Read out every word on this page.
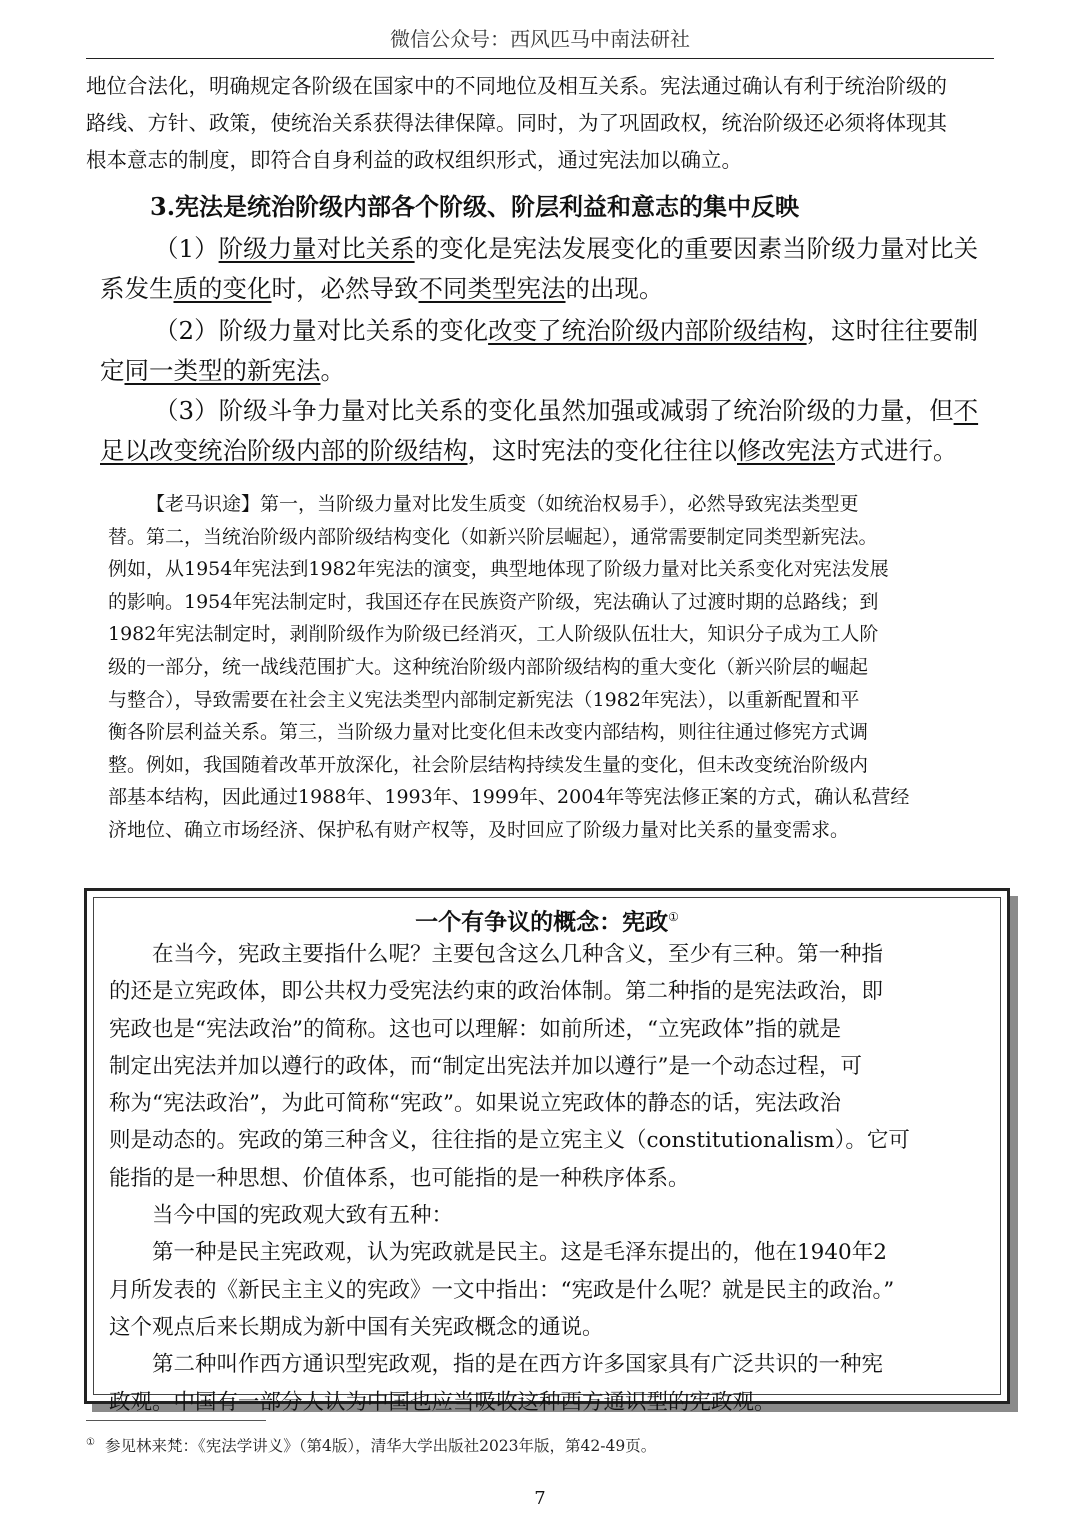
微信公众号：西风匹马中南法研社
地位合法化，明确规定各阶级在国家中的不同地位及相互关系。宪法通过确认有利于统治阶级的
路线、方针、政策，使统治关系获得法律保障。同时，为了巩固政权，统治阶级还必须将体现其
根本意志的制度，即符合自身利益的政权组织形式，通过宪法加以确立。
3.宪法是统治阶级内部各个阶级、阶层利益和意志的集中反映
（1）阶级力量对比关系的变化是宪法发展变化的重要因素当阶级力量对比关
系发生质的变化时，必然导致不同类型宪法的出现。
（2）阶级力量对比关系的变化改变了统治阶级内部阶级结构，这时往往要制
定同一类型的新宪法。
（3）阶级斗争力量对比关系的变化虽然加强或减弱了统治阶级的力量，但不
足以改变统治阶级内部的阶级结构，这时宪法的变化往往以修改宪法方式进行。
【老马识途】第一，当阶级力量对比发生质变（如统治权易手），必然导致宪法类型更
替。第二，当统治阶级内部阶级结构变化（如新兴阶层崛起），通常需要制定同类型新宪法。
例如，从1954年宪法到1982年宪法的演变，典型地体现了阶级力量对比关系变化对宪法发展
的影响。1954年宪法制定时，我国还存在民族资产阶级，宪法确认了过渡时期的总路线；到
1982年宪法制定时，剥削阶级作为阶级已经消灭，工人阶级队伍壮大，知识分子成为工人阶
级的一部分，统一战线范围扩大。这种统治阶级内部阶级结构的重大变化（新兴阶层的崛起
与整合），导致需要在社会主义宪法类型内部制定新宪法（1982年宪法），以重新配置和平
衡各阶层利益关系。第三，当阶级力量对比变化但未改变内部结构，则往往通过修宪方式调
整。例如，我国随着改革开放深化，社会阶层结构持续发生量的变化，但未改变统治阶级内
部基本结构，因此通过1988年、1993年、1999年、2004年等宪法修正案的方式，确认私营经
济地位、确立市场经济、保护私有财产权等，及时回应了阶级力量对比关系的量变需求。
一个有争议的概念：宪政①
　　在当今，宪政主要指什么呢？主要包含这么几种含义，至少有三种。第一种指
的还是立宪政体，即公共权力受宪法约束的政治体制。第二种指的是宪法政治，即
宪政也是“宪法政治”的简称。这也可以理解：如前所述，“立宪政体”指的就是
制定出宪法并加以遵行的政体，而“制定出宪法并加以遵行”是一个动态过程，可
称为“宪法政治”，为此可简称“宪政”。如果说立宪政体的静态的话，宪法政治
则是动态的。宪政的第三种含义，往往指的是立宪主义（constitutionalism）。它可
能指的是一种思想、价值体系，也可能指的是一种秩序体系。
　　当今中国的宪政观大致有五种：
　　第一种是民主宪政观，认为宪政就是民主。这是毛泽东提出的，他在1940年2
月所发表的《新民主主义的宪政》一文中指出：“宪政是什么呢？就是民主的政治。”
这个观点后来长期成为新中国有关宪政概念的通说。
　　第二种叫作西方通识型宪政观，指的是在西方许多国家具有广泛共识的一种宪
政观。中国有一部分人认为中国也应当吸收这种西方通识型的宪政观。
① 参见林来梵：《宪法学讲义》（第4版），清华大学出版社2023年版，第42-49页。
7
